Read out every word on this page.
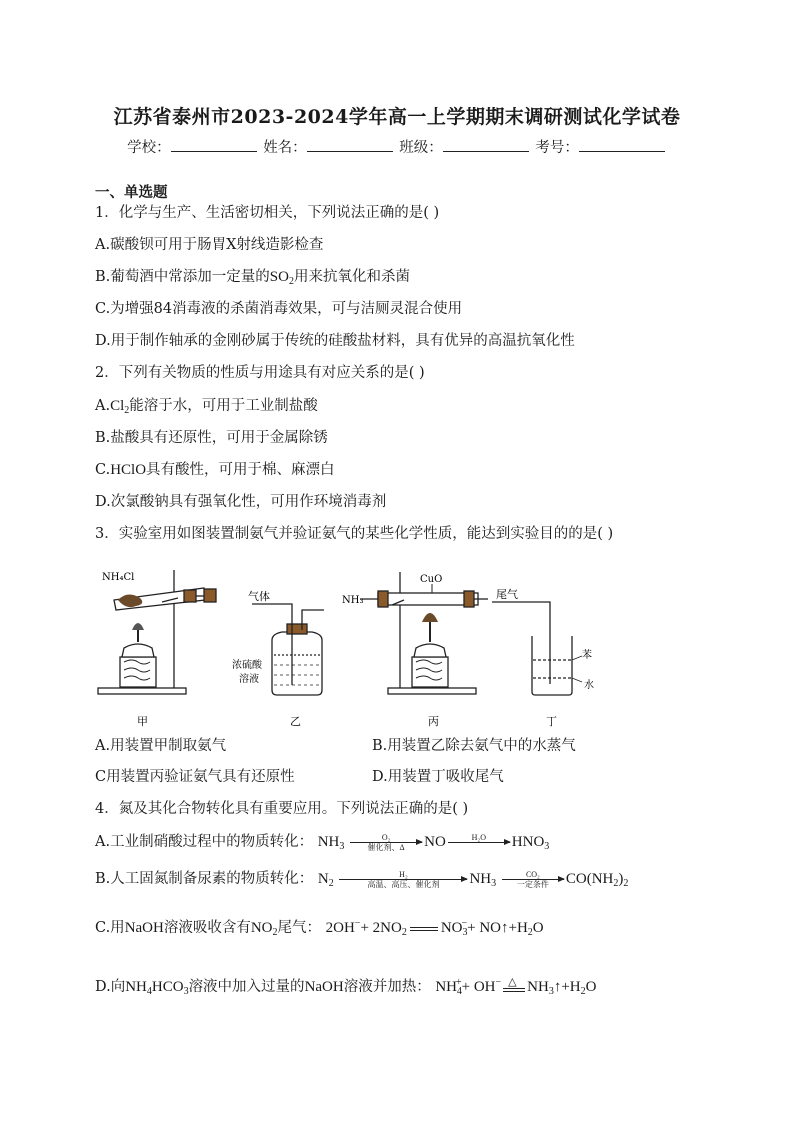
江苏省泰州市2023-2024学年高一上学期期末调研测试化学试卷
学校：	姓名：	班级：	考号：
一、单选题
1．化学与生产、生活密切相关，下列说法正确的是( )
A.碳酸钡可用于肠胃X射线造影检查
B.葡萄酒中常添加一定量的$SO_2$用来抗氧化和杀菌
C.为增强84消毒液的杀菌消毒效果，可与洁厕灵混合使用
D.用于制作轴承的金刚砂属于传统的硅酸盐材料，具有优异的高温抗氧化性
2．下列有关物质的性质与用途具有对应关系的是( )
$A.Cl_2$能溶于水，可用于工业制盐酸
B.盐酸具有还原性，可用于金属除锈
C.HClO具有酸性，可用于棉、麻漂白
D.次氯酸钠具有强氧化性，可用作环境消毒剂
3．实验室用如图装置制氨气并验证氨气的某些化学性质，能达到实验目的的是( )
NH₄Cl
甲
气体
浓硫酸
溶液
乙
NH₃
CuO
丙
尾气
苯
水
丁
A.用装置甲制取氨气	B.用装置乙除去氨气中的水蒸气
C用装置丙验证氨气具有还原性	D.用装置丁吸收尾气
4．氮及其化合物转化具有重要应用。下列说法正确的是( )
A.工业制硝酸过程中的物质转化： $NH_3$
O₂
催化剂、Δ	NO	H₂O
	$HNO_3$
B.人工固氮制备尿素的物质转化： $N_2$
H₂
高温、高压、催化剂	$NH_3$
CO₂
一定条件	$CO(NH_2)_2$
C.用NaOH溶液吸收含有$NO_2$尾气： $2OH^-+ 2NO_2$ $NO_3^-+$ $NO↑+H_2O$
D.向$NH_4HCO_3$溶液中加入过量的NaOH溶液并加热： $NH_4^++ OH^-$ △ $NH_3↑+H_2O$
